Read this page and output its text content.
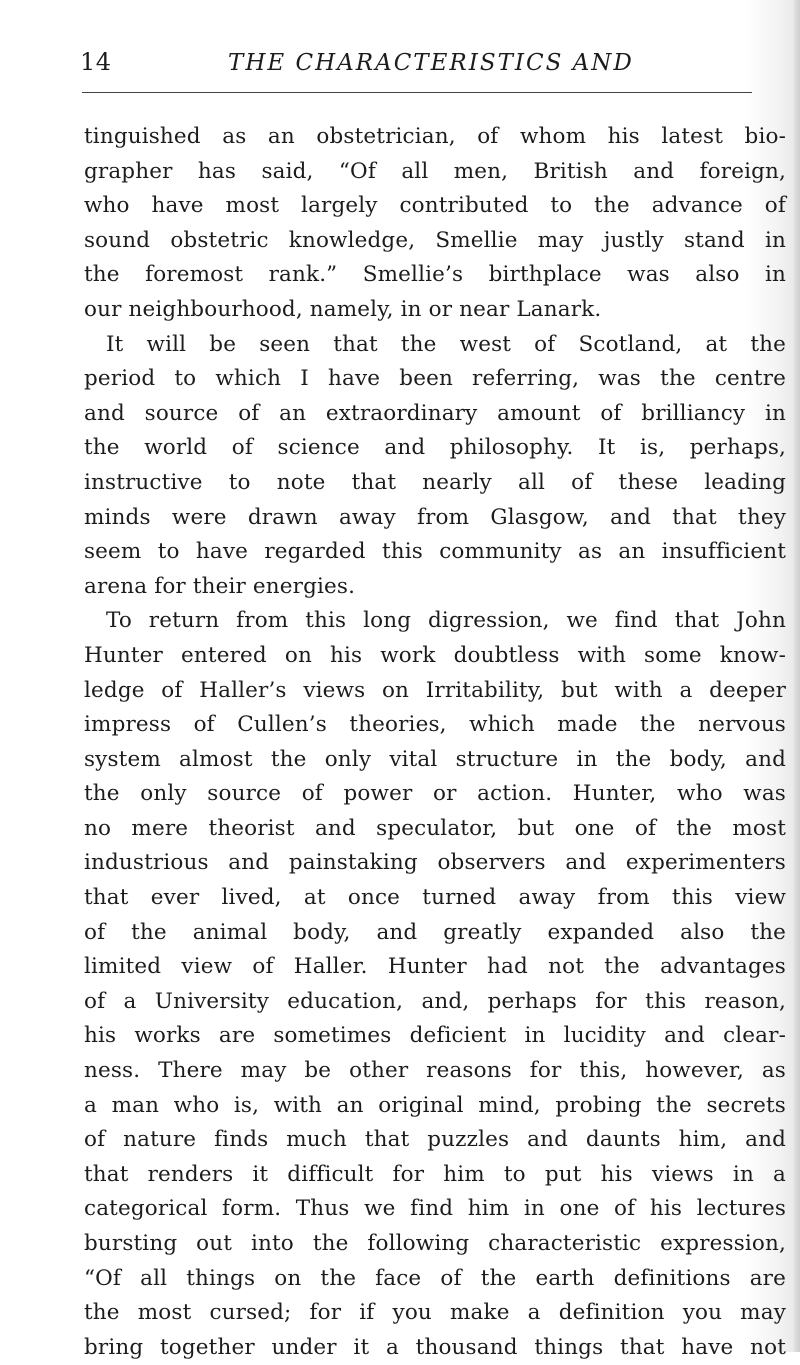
14	THE CHARACTERISTICS AND
tinguished as an obstetrician, of whom his latest bio-
grapher has said, “Of all men, British and foreign,
who have most largely contributed to the advance of
sound obstetric knowledge, Smellie may justly stand in
the foremost rank.” Smellie’s birthplace was also in
our neighbourhood, namely, in or near Lanark.
It will be seen that the west of Scotland, at the
period to which I have been referring, was the centre
and source of an extraordinary amount of brilliancy in
the world of science and philosophy. It is, perhaps,
instructive to note that nearly all of these leading
minds were drawn away from Glasgow, and that they
seem to have regarded this community as an insufficient
arena for their energies.
To return from this long digression, we find that John
Hunter entered on his work doubtless with some know-
ledge of Haller’s views on Irritability, but with a deeper
impress of Cullen’s theories, which made the nervous
system almost the only vital structure in the body, and
the only source of power or action. Hunter, who was
no mere theorist and speculator, but one of the most
industrious and painstaking observers and experimenters
that ever lived, at once turned away from this view
of the animal body, and greatly expanded also the
limited view of Haller. Hunter had not the advantages
of a University education, and, perhaps for this reason,
his works are sometimes deficient in lucidity and clear-
ness. There may be other reasons for this, however, as
a man who is, with an original mind, probing the secrets
of nature finds much that puzzles and daunts him, and
that renders it difficult for him to put his views in a
categorical form. Thus we find him in one of his lectures
bursting out into the following characteristic expression,
“Of all things on the face of the earth definitions are
the most cursed; for if you make a definition you may
bring together under it a thousand things that have not
